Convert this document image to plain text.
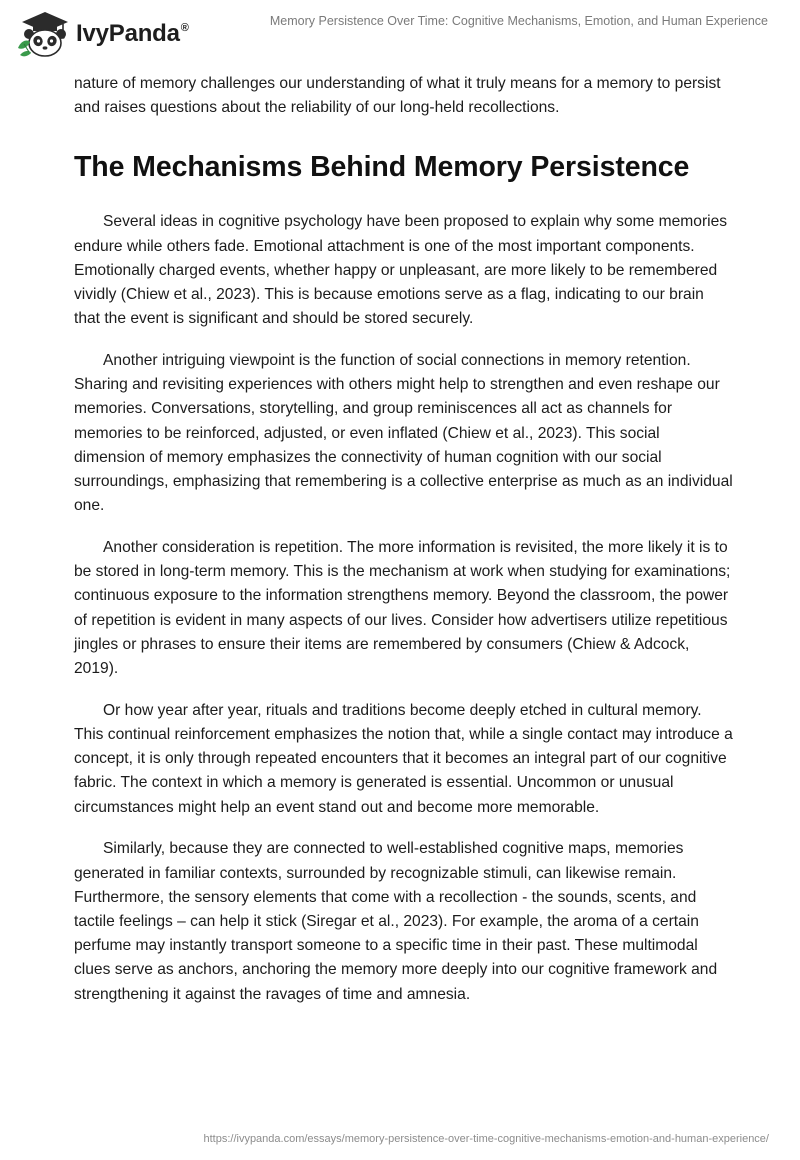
IvyPanda®	Memory Persistence Over Time: Cognitive Mechanisms, Emotion, and Human Experience

nature of memory challenges our understanding of what it truly means for a memory to persist and raises questions about the reliability of our long-held recollections.

The Mechanisms Behind Memory Persistence

Several ideas in cognitive psychology have been proposed to explain why some memories endure while others fade. Emotional attachment is one of the most important components. Emotionally charged events, whether happy or unpleasant, are more likely to be remembered vividly (Chiew et al., 2023). This is because emotions serve as a flag, indicating to our brain that the event is significant and should be stored securely.

Another intriguing viewpoint is the function of social connections in memory retention. Sharing and revisiting experiences with others might help to strengthen and even reshape our memories. Conversations, storytelling, and group reminiscences all act as channels for memories to be reinforced, adjusted, or even inflated (Chiew et al., 2023). This social dimension of memory emphasizes the connectivity of human cognition with our social surroundings, emphasizing that remembering is a collective enterprise as much as an individual one.

Another consideration is repetition. The more information is revisited, the more likely it is to be stored in long-term memory. This is the mechanism at work when studying for examinations; continuous exposure to the information strengthens memory. Beyond the classroom, the power of repetition is evident in many aspects of our lives. Consider how advertisers utilize repetitious jingles or phrases to ensure their items are remembered by consumers (Chiew & Adcock, 2019).

Or how year after year, rituals and traditions become deeply etched in cultural memory. This continual reinforcement emphasizes the notion that, while a single contact may introduce a concept, it is only through repeated encounters that it becomes an integral part of our cognitive fabric. The context in which a memory is generated is essential. Uncommon or unusual circumstances might help an event stand out and become more memorable.

Similarly, because they are connected to well-established cognitive maps, memories generated in familiar contexts, surrounded by recognizable stimuli, can likewise remain. Furthermore, the sensory elements that come with a recollection - the sounds, scents, and tactile feelings – can help it stick (Siregar et al., 2023). For example, the aroma of a certain perfume may instantly transport someone to a specific time in their past. These multimodal clues serve as anchors, anchoring the memory more deeply into our cognitive framework and strengthening it against the ravages of time and amnesia.

https://ivypanda.com/essays/memory-persistence-over-time-cognitive-mechanisms-emotion-and-human-experience/
